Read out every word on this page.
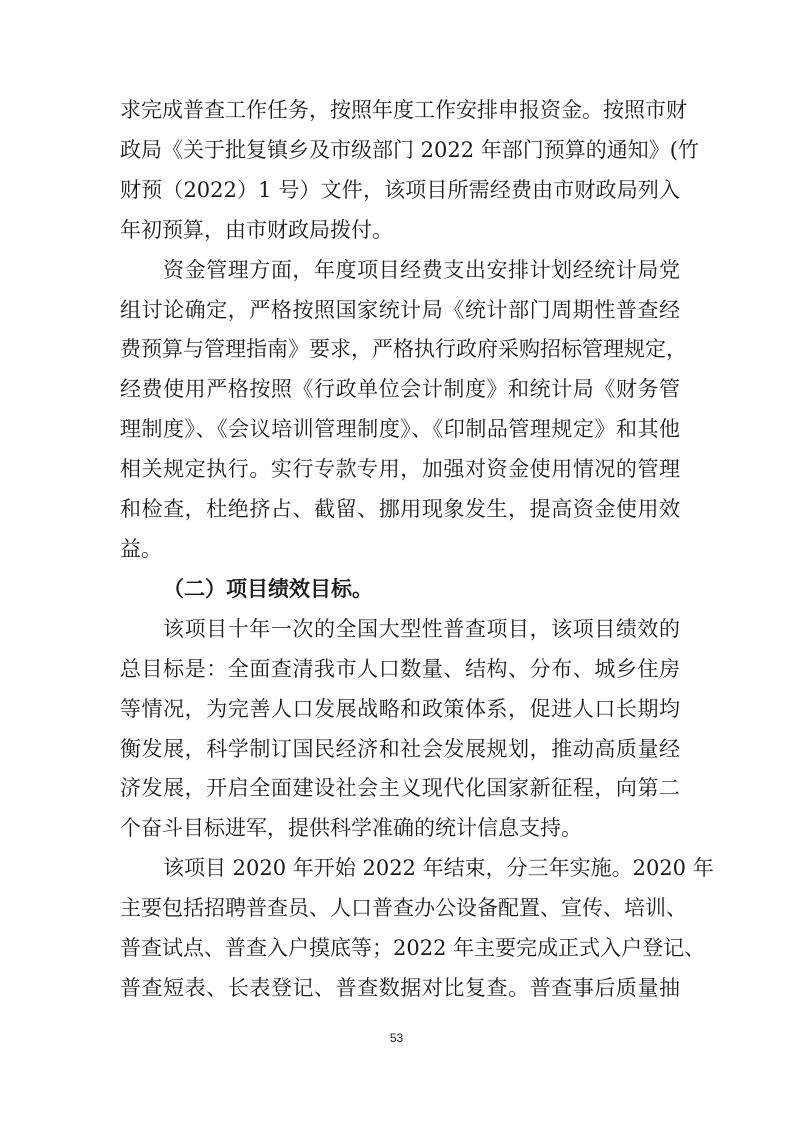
求完成普查工作任务，按照年度工作安排申报资金。按照市财
政局《关于批复镇乡及市级部门 2022 年部门预算的通知》(竹
财预（2022）1 号）文件，该项目所需经费由市财政局列入
年初预算，由市财政局拨付。
资金管理方面，年度项目经费支出安排计划经统计局党
组讨论确定，严格按照国家统计局《统计部门周期性普查经
费预算与管理指南》要求，严格执行政府采购招标管理规定，
经费使用严格按照《行政单位会计制度》和统计局《财务管
理制度》、《会议培训管理制度》、《印制品管理规定》和其他
相关规定执行。实行专款专用，加强对资金使用情况的管理
和检查，杜绝挤占、截留、挪用现象发生，提高资金使用效
益。
（二）项目绩效目标。
该项目十年一次的全国大型性普查项目，该项目绩效的
总目标是：全面查清我市人口数量、结构、分布、城乡住房
等情况，为完善人口发展战略和政策体系，促进人口长期均
衡发展，科学制订国民经济和社会发展规划，推动高质量经
济发展，开启全面建设社会主义现代化国家新征程，向第二
个奋斗目标进军，提供科学准确的统计信息支持。
该项目 2020 年开始 2022 年结束，分三年实施。2020 年
主要包括招聘普查员、人口普查办公设备配置、宣传、培训、
普查试点、普查入户摸底等；2022 年主要完成正式入户登记、
普查短表、长表登记、普查数据对比复查。普查事后质量抽
53
